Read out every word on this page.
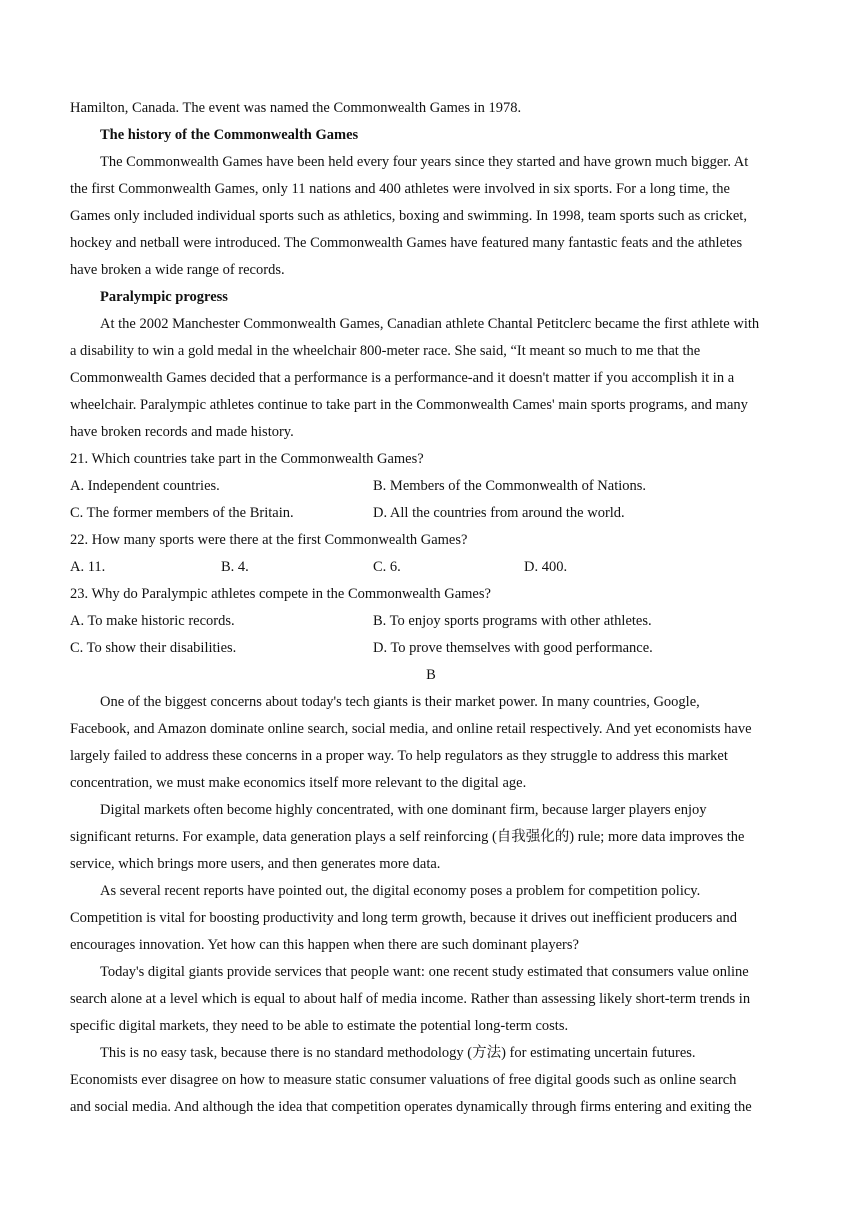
Hamilton, Canada. The event was named the Commonwealth Games in 1978.
The history of the Commonwealth Games
The Commonwealth Games have been held every four years since they started and have grown much bigger. At
the first Commonwealth Games, only 11 nations and 400 athletes were involved in six sports. For a long time, the
Games only included individual sports such as athletics, boxing and swimming. In 1998, team sports such as cricket,
hockey and netball were introduced. The Commonwealth Games have featured many fantastic feats and the athletes
have broken a wide range of records.
Paralympic progress
At the 2002 Manchester Commonwealth Games, Canadian athlete Chantal Petitclerc became the first athlete with
a disability to win a gold medal in the wheelchair 800-meter race. She said, “It meant so much to me that the
Commonwealth Games decided that a performance is a performance-and it doesn't matter if you accomplish it in a
wheelchair. Paralympic athletes continue to take part in the Commonwealth Cames' main sports programs, and many
have broken records and made history.
21. Which countries take part in the Commonwealth Games?
A. Independent countries.	B. Members of the Commonwealth of Nations.
C. The former members of the Britain.	D. All the countries from around the world.
22. How many sports were there at the first Commonwealth Games?
A. 11.	B. 4.	C. 6.	D. 400.
23. Why do Paralympic athletes compete in the Commonwealth Games?
A. To make historic records.	B. To enjoy sports programs with other athletes.
C. To show their disabilities.	D. To prove themselves with good performance.
B
One of the biggest concerns about today's tech giants is their market power. In many countries, Google,
Facebook, and Amazon dominate online search, social media, and online retail respectively. And yet economists have
largely failed to address these concerns in a proper way. To help regulators as they struggle to address this market
concentration, we must make economics itself more relevant to the digital age.
Digital markets often become highly concentrated, with one dominant firm, because larger players enjoy
significant returns. For example, data generation plays a self reinforcing (自我强化的) rule; more data improves the
service, which brings more users, and then generates more data.
As several recent reports have pointed out, the digital economy poses a problem for competition policy.
Competition is vital for boosting productivity and long term growth, because it drives out inefficient producers and
encourages innovation. Yet how can this happen when there are such dominant players?
Today's digital giants provide services that people want: one recent study estimated that consumers value online
search alone at a level which is equal to about half of media income. Rather than assessing likely short-term trends in
specific digital markets, they need to be able to estimate the potential long-term costs.
This is no easy task, because there is no standard methodology (方法) for estimating uncertain futures.
Economists ever disagree on how to measure static consumer valuations of free digital goods such as online search
and social media. And although the idea that competition operates dynamically through firms entering and exiting the
